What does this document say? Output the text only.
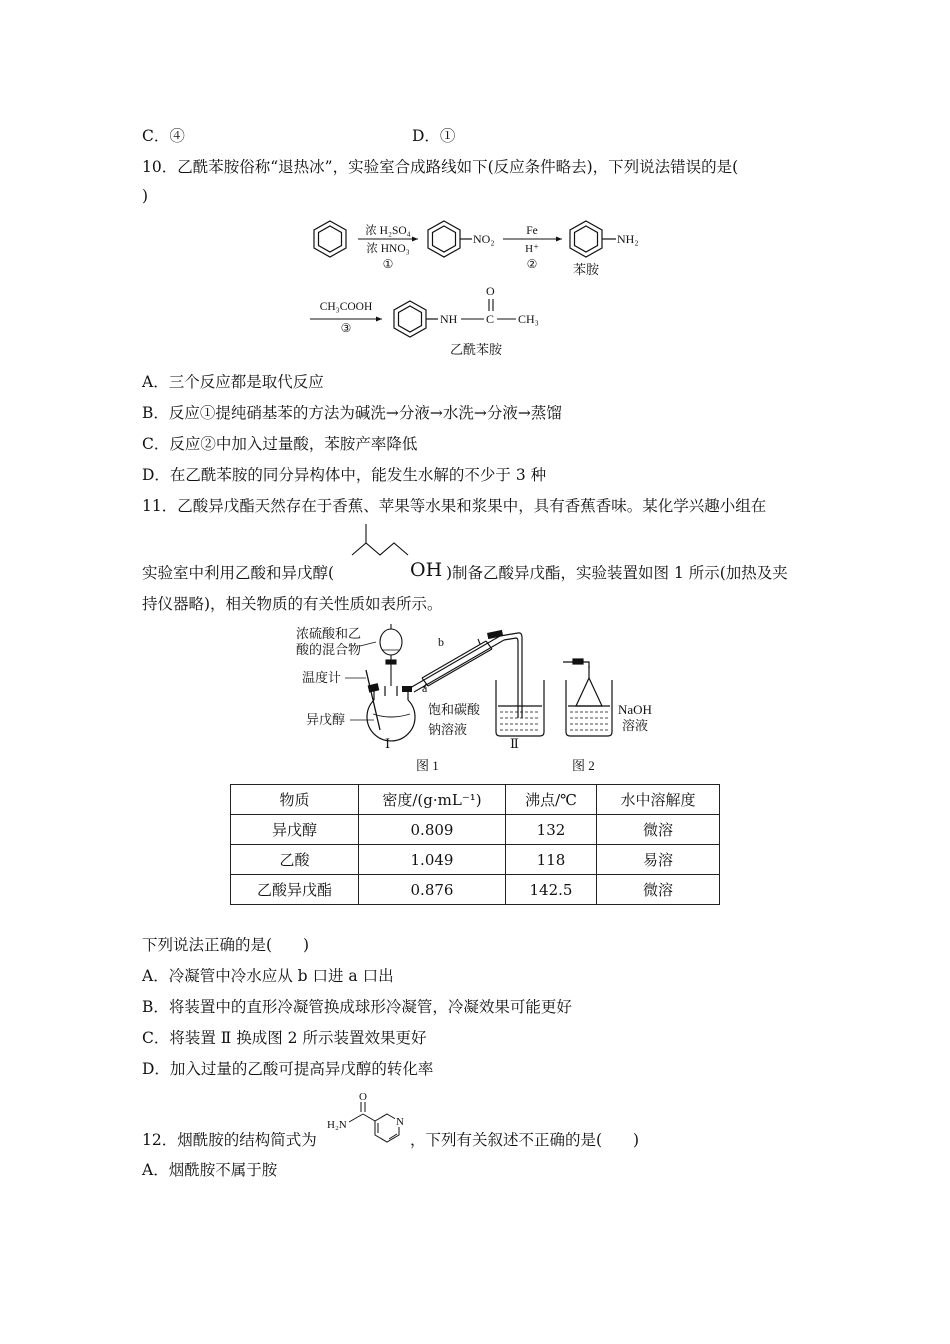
C．④	D．①
10．乙酰苯胺俗称“退热冰”，实验室合成路线如下(反应条件略去)，下列说法错误的是(
)
浓 H₂SO₄
浓 HNO₃
①
NO₂
Fe
H⁺
②
NH₂
苯胺
CH₃COOH
③
NH C
O
CH₃
乙酰苯胺
A．三个反应都是取代反应
B．反应①提纯硝基苯的方法为碱洗→分液→水洗→分液→蒸馏
C．反应②中加入过量酸，苯胺产率降低
D．在乙酰苯胺的同分异构体中，能发生水解的不少于 3 种
11．乙酸异戊酯天然存在于香蕉、苹果等水果和浆果中，具有香蕉香味。某化学兴趣小组在
实验室中利用乙酸和异戊醇(	OH )制备乙酸异戊酯，实验装置如图 1 所示(加热及夹
持仪器略)，相关物质的有关性质如表所示。
浓硫酸和乙
酸的混合物
温度计
异戊醇
饱和碳酸
钠溶液
NaOH
溶液
图 1	图 2
b
a
Ⅰ	Ⅱ
物质	密度/(g·mL⁻¹)	沸点/℃	水中溶解度
异戊醇	0.809	132	微溶
乙酸	1.049	118	易溶
乙酸异戊酯	0.876	142.5	微溶
下列说法正确的是(　　)
A．冷凝管中冷水应从 b 口进 a 口出
B．将装置中的直形冷凝管换成球形冷凝管，冷凝效果可能更好
C．将装置 Ⅱ 换成图 2 所示装置效果更好
D．加入过量的乙酸可提高异戊醇的转化率
12．烟酰胺的结构简式为
O
H₂N	N
，下列有关叙述不正确的是(　　)
A．烟酰胺不属于胺
